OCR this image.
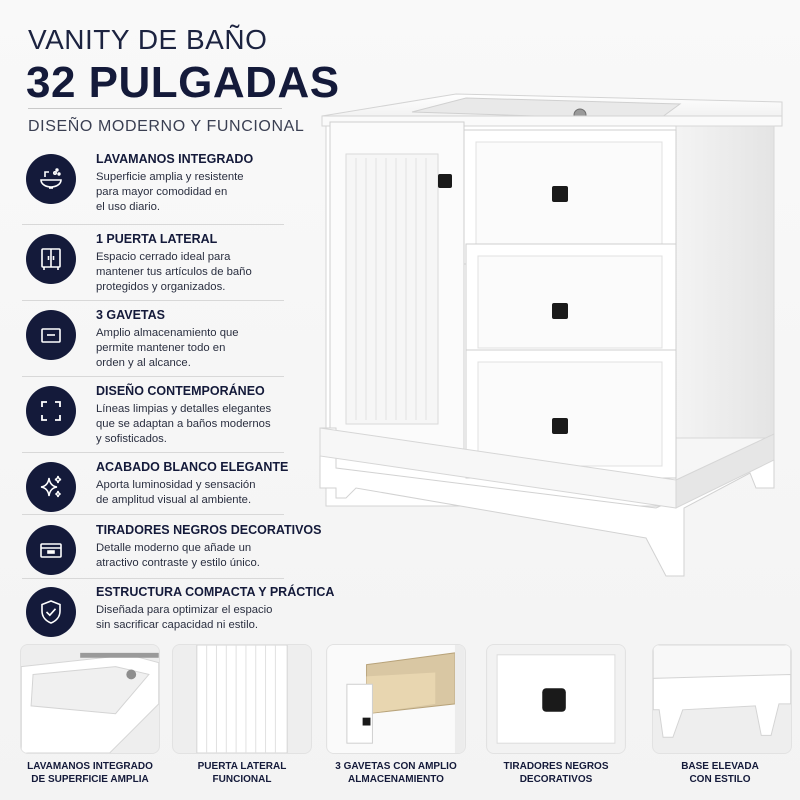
VANITY DE BAÑO
32 PULGADAS
DISEÑO MODERNO Y FUNCIONAL
LAVAMANOS INTEGRADO
Superficie amplia y resistente
para mayor comodidad en
el uso diario.
1 PUERTA LATERAL
Espacio cerrado ideal para
mantener tus artículos de baño
protegidos y organizados.
3 GAVETAS
Amplio almacenamiento que
permite mantener todo en
orden y al alcance.
DISEÑO CONTEMPORÁNEO
Líneas limpias y detalles elegantes
que se adaptan a baños modernos
y sofisticados.
ACABADO BLANCO ELEGANTE
Aporta luminosidad y sensación
de amplitud visual al ambiente.
TIRADORES NEGROS DECORATIVOS
Detalle moderno que añade un
atractivo contraste y estilo único.
ESTRUCTURA COMPACTA Y PRÁCTICA
Diseñada para optimizar el espacio
sin sacrificar capacidad ni estilo.
LAVAMANOS INTEGRADO
DE SUPERFICIE AMPLIA
PUERTA LATERAL
FUNCIONAL
3 GAVETAS CON AMPLIO
ALMACENAMIENTO
TIRADORES NEGROS
DECORATIVOS
BASE ELEVADA
CON ESTILO
